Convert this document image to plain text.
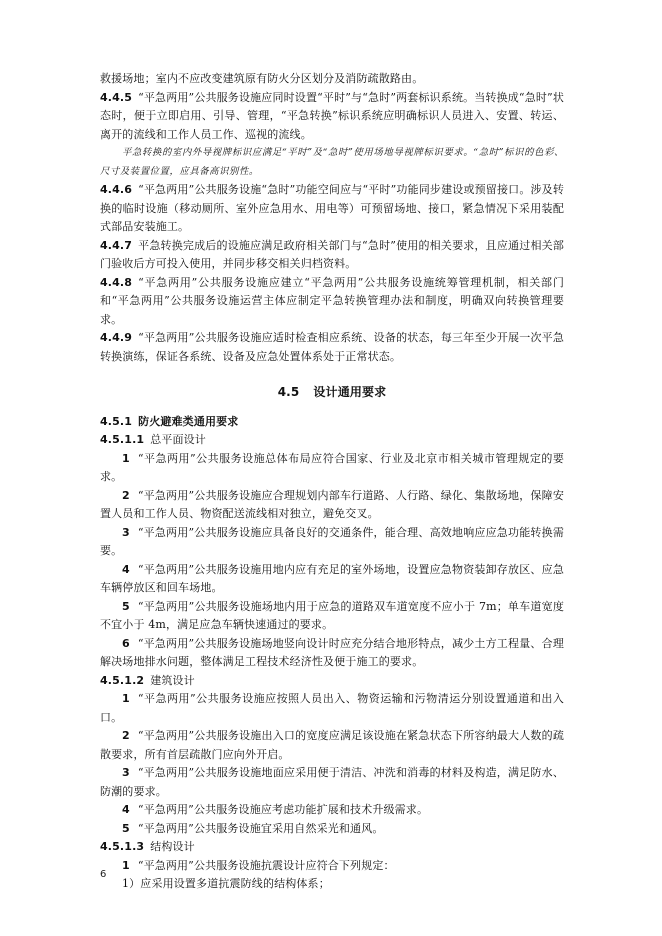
救援场地；室内不应改变建筑原有防火分区划分及消防疏散路由。

4.4.5 “平急两用”公共服务设施应同时设置“平时”与“急时”两套标识系统。当转换成“急时”状态时，便于立即启用、引导、管理，“平急转换”标识系统应明确标识人员进入、安置、转运、离开的流线和工作人员工作、巡视的流线。

平急转换的室内外导视牌标识应满足“平时”及“急时”使用场地导视牌标识要求。“急时”标识的色彩、尺寸及装置位置，应具备高识别性。

4.4.6 “平急两用”公共服务设施“急时”功能空间应与“平时”功能同步建设或预留接口。涉及转换的临时设施（移动厕所、室外应急用水、用电等）可预留场地、接口，紧急情况下采用装配式部品安装施工。

4.4.7 平急转换完成后的设施应满足政府相关部门与“急时”使用的相关要求，且应通过相关部门验收后方可投入使用，并同步移交相关归档资料。

4.4.8 “平急两用”公共服务设施应建立“平急两用”公共服务设施统筹管理机制，相关部门和“平急两用”公共服务设施运营主体应制定平急转换管理办法和制度，明确双向转换管理要求。

4.4.9 “平急两用”公共服务设施应适时检查相应系统、设备的状态，每三年至少开展一次平急转换演练，保证各系统、设备及应急处置体系处于正常状态。

4.5 设计通用要求

4.5.1 防火避难类通用要求

4.5.1.1 总平面设计

1 “平急两用”公共服务设施总体布局应符合国家、行业及北京市相关城市管理规定的要求。

2 “平急两用”公共服务设施应合理规划内部车行道路、人行路、绿化、集散场地，保障安置人员和工作人员、物资配送流线相对独立，避免交叉。

3 “平急两用”公共服务设施应具备良好的交通条件，能合理、高效地响应应急功能转换需要。

4 “平急两用”公共服务设施用地内应有充足的室外场地，设置应急物资装卸存放区、应急车辆停放区和回车场地。

5 “平急两用”公共服务设施场地内用于应急的道路双车道宽度不应小于 7m；单车道宽度不宜小于 4m，满足应急车辆快速通过的要求。

6 “平急两用”公共服务设施场地竖向设计时应充分结合地形特点，减少土方工程量、合理解决场地排水问题，整体满足工程技术经济性及便于施工的要求。

4.5.1.2 建筑设计

1 “平急两用”公共服务设施应按照人员出入、物资运输和污物清运分别设置通道和出入口。

2 “平急两用”公共服务设施出入口的宽度应满足该设施在紧急状态下所容纳最大人数的疏散要求，所有首层疏散门应向外开启。

3 “平急两用”公共服务设施地面应采用便于清洁、冲洗和消毒的材料及构造，满足防水、防潮的要求。

4 “平急两用”公共服务设施应考虑功能扩展和技术升级需求。

5 “平急两用”公共服务设施宜采用自然采光和通风。

4.5.1.3 结构设计

1 “平急两用”公共服务设施抗震设计应符合下列规定：

1）应采用设置多道抗震防线的结构体系；

6
